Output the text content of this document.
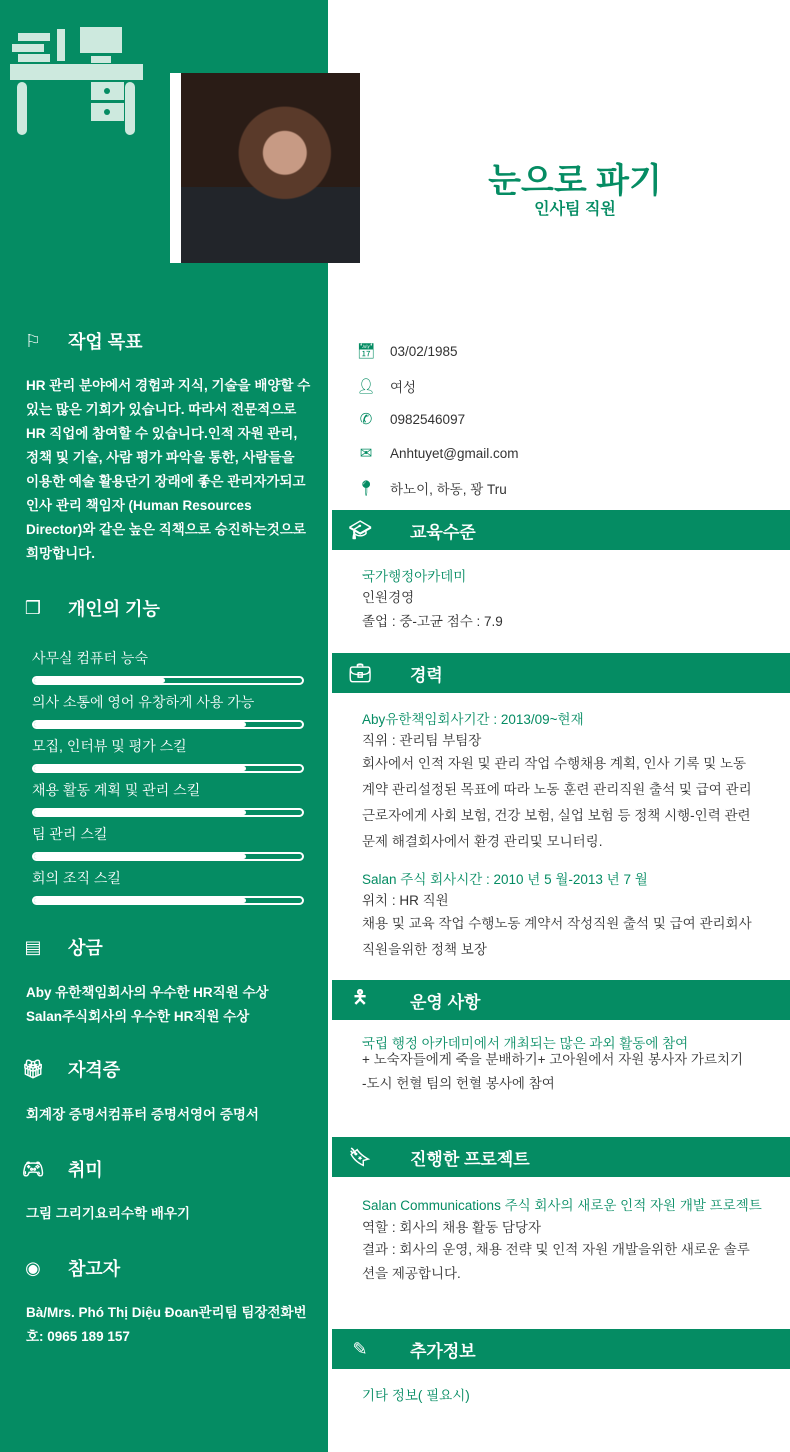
⚐ 작업 목표
HR 관리 분야에서 경험과 지식, 기술을 배양할 수있는 많은 기회가 있습니다. 따라서 전문적으로 HR 직업에 참여할 수 있습니다.인적 자원 관리, 정책 및 기술, 사람 평가 파악을 통한, 사람들을 이용한 예술 활용단기 장래에 좋은 관리자가되고 인사 관리 책임자 (Human Resources Director)와 같은 높은 직책으로 승진하는것으로 희망합니다.
❒ 개인의 기능
사무실 컴퓨터 능숙
의사 소통에 영어 유창하게 사용 가능
모집, 인터뷰 및 평가 스킬
채용 활동 계획 및 관리 스킬
팀 관리 스킬
회의 조직 스킬
▤ 상금
Aby 유한책임회사의 우수한 HR직원 수상
Salan주식회사의 우수한 HR직원 수상
🎁︎ 자격증
회계장 증명서컴퓨터 증명서영어 증명서
🎮︎ 취미
그림 그리기요리수학 배우기
◉ 참고자
Bà/Mrs. Phó Thị Diệu Đoan관리팀 팀장전화번호: 0965 189 157
눈으로 파기
인사팀 직원
📅︎ 03/02/1985
👤︎ 여성
✆ 0982546097
✉ Anhtuyet@gmail.com
📍︎ 하노이, 하동, 꽝 Tru
🎓︎ 교육수준
국가행정아카데미
인원경영
졸업 : 중-고균 점수 : 7.9
💼︎ 경력
Aby유한책임회사기간 : 2013/09~현재
직위 : 관리팀 부팀장
회사에서 인적 자원 및 관리 작업 수행채용 계획, 인사 기록 및 노동 계약 관리설정된 목표에 따라 노동 훈련 관리직원 출석 및 급여 관리근로자에게 사회 보험, 건강 보험, 실업 보험 등 정책 시행-인력 관련 문제 해결회사에서 환경 관리및 모니터링.
Salan 주식 회사시간 : 2010 년 5 월-2013 년 7 월
위치 : HR 직원
채용 및 교육 작업 수행노동 계약서 작성직원 출석 및 급여 관리회사 직원을위한 정책 보장
🯅	운영 사항
국립 행정 아카데미에서 개최되는 많은 과외 활동에 참여
+ 노숙자들에게 죽을 분배하기+ 고아원에서 자원 봉사자 가르치기
-도시 헌혈 팀의 헌혈 봉사에 참여
🔖︎ 진행한 프로젝트
Salan Communications 주식 회사의 새로운 인적 자원 개발 프로젝트
역할 : 회사의 채용 활동 담당자
결과 : 회사의 운영, 채용 전략 및 인적 자원 개발을위한 새로운 솔루션을 제공합니다.
✎	추가정보
기타 정보( 필요시)
